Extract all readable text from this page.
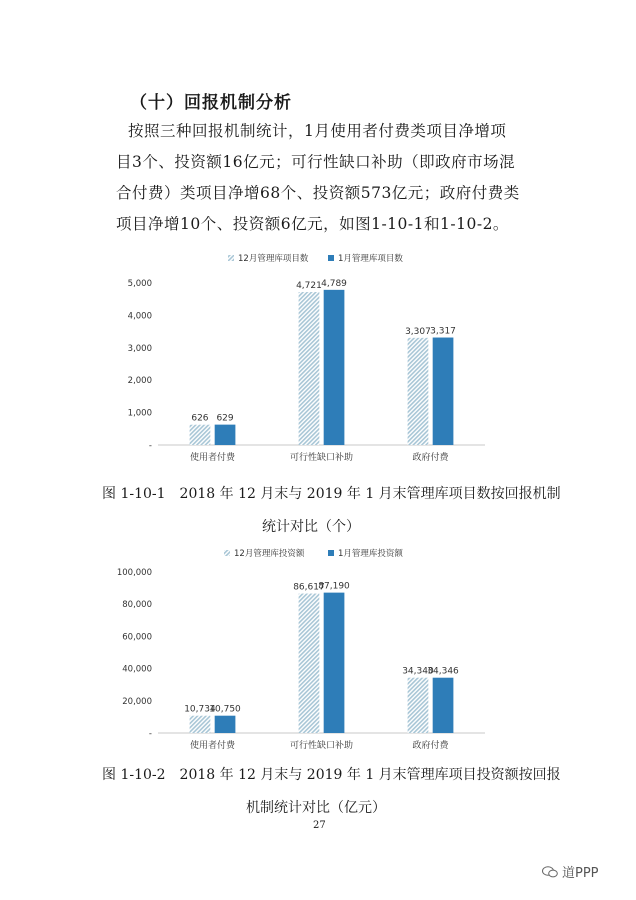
（十）回报机制分析
按照三种回报机制统计，1月使用者付费类项目净增项
目3个、投资额16亿元；可行性缺口补助（即政府市场混
合付费）类项目净增68个、投资额573亿元；政府付费类
项目净增10个、投资额6亿元，如图1-10-1和1-10-2。
12月管理库项目数	1月管理库项目数
-
1,000
2,000
3,000
4,000
5,000
626 629
使用者付费
4,721 4,789
可行性缺口补助
3,307 3,317
政府付费
图 1-10-1　2018 年 12 月末与 2019 年 1 月末管理库项目数按回报机制
统计对比（个）
12月管理库投资额	1月管理库投资额
-
20,000
40,000
60,000
80,000
100,000
10,734
10,750
使用者付费
86,617
87,190
可行性缺口补助
34,340
34,346
政府付费
图 1-10-2　2018 年 12 月末与 2019 年 1 月末管理库项目投资额按回报
机制统计对比（亿元）
27
道PPP
